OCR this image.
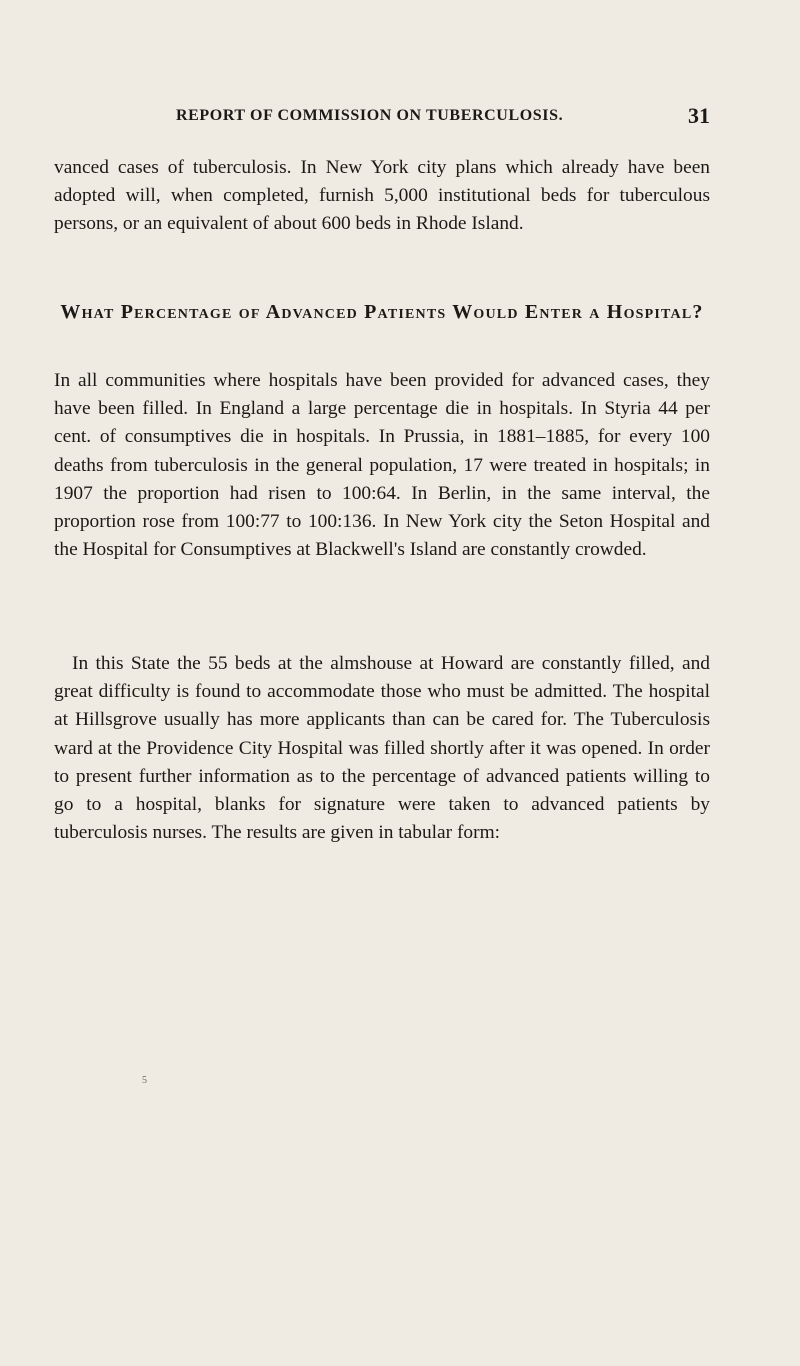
REPORT OF COMMISSION ON TUBERCULOSIS.	31

vanced cases of tuberculosis. In New York city plans which already have been adopted will, when completed, furnish 5,000 institutional beds for tuberculous persons, or an equivalent of about 600 beds in Rhode Island.

What Percentage of Advanced Patients Would Enter a Hospital?

In all communities where hospitals have been provided for advanced cases, they have been filled. In England a large percentage die in hospitals. In Styria 44 per cent. of consumptives die in hospitals. In Prussia, in 1881–1885, for every 100 deaths from tuberculosis in the general population, 17 were treated in hospitals; in 1907 the proportion had risen to 100:64. In Berlin, in the same interval, the proportion rose from 100:77 to 100:136. In New York city the Seton Hospital and the Hospital for Consumptives at Blackwell's Island are constantly crowded.

In this State the 55 beds at the almshouse at Howard are constantly filled, and great difficulty is found to accommodate those who must be admitted. The hospital at Hillsgrove usually has more applicants than can be cared for. The Tuberculosis ward at the Providence City Hospital was filled shortly after it was opened. In order to present further information as to the percentage of advanced patients willing to go to a hospital, blanks for signature were taken to advanced patients by tuberculosis nurses. The results are given in tabular form:

5
